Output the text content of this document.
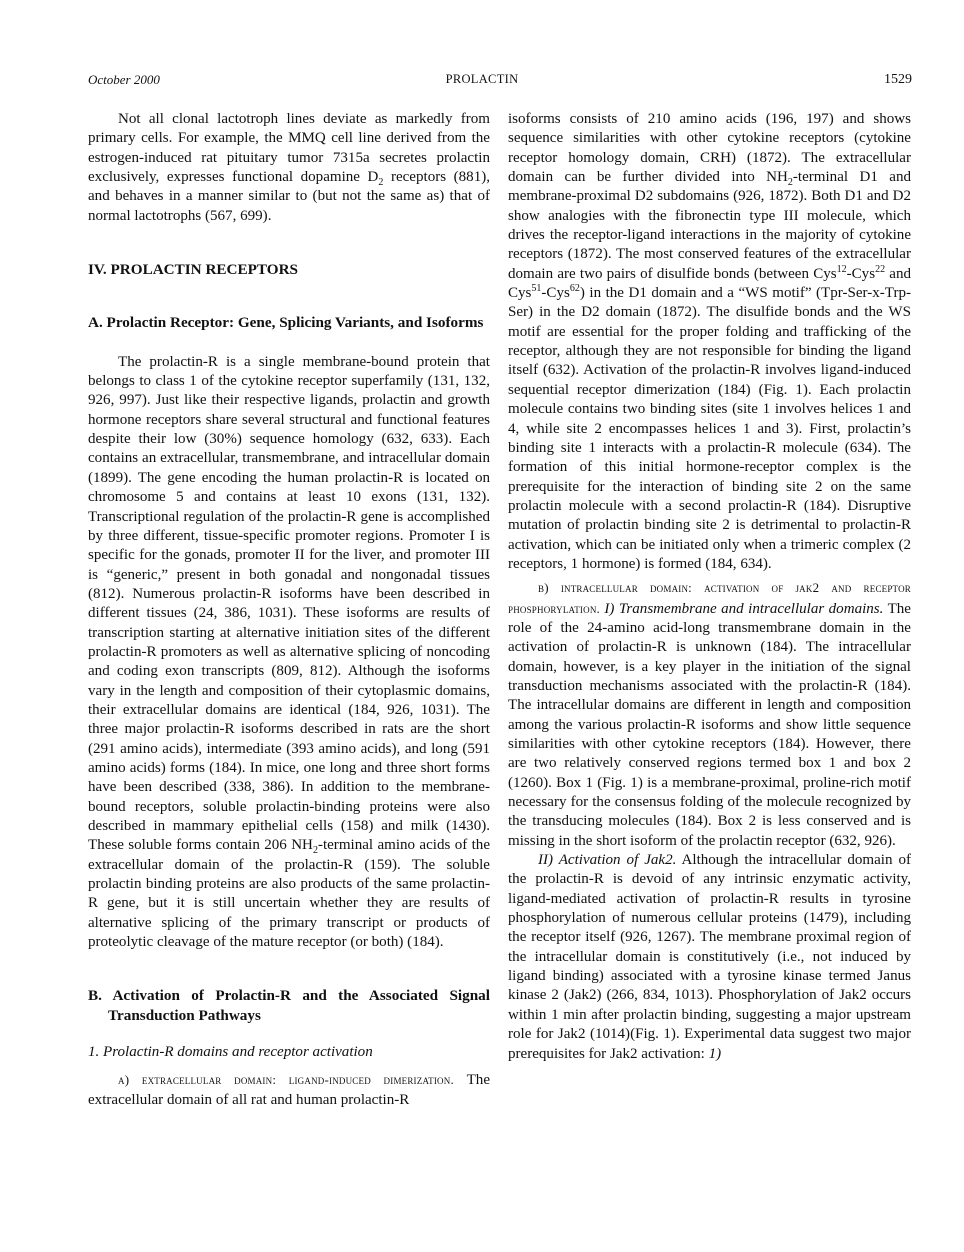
October 2000	PROLACTIN	1529

Not all clonal lactotroph lines deviate as markedly from primary cells. For example, the MMQ cell line derived from the estrogen-induced rat pituitary tumor 7315a secretes prolactin exclusively, expresses functional dopamine $D_2$ receptors (881), and behaves in a manner similar to (but not the same as) that of normal lactotrophs (567, 699).

IV. PROLACTIN RECEPTORS

A. Prolactin Receptor: Gene, Splicing Variants, and Isoforms

The prolactin-R is a single membrane-bound protein that belongs to class 1 of the cytokine receptor superfamily (131, 132, 926, 997). Just like their respective ligands, prolactin and growth hormone receptors share several structural and functional features despite their low (30%) sequence homology (632, 633). Each contains an extracellular, transmembrane, and intracellular domain (1899). The gene encoding the human prolactin-R is located on chromosome 5 and contains at least 10 exons (131, 132). Transcriptional regulation of the prolactin-R gene is accomplished by three different, tissue-specific promoter regions. Promoter I is specific for the gonads, promoter II for the liver, and promoter III is “generic,” present in both gonadal and nongonadal tissues (812). Numerous prolactin-R isoforms have been described in different tissues (24, 386, 1031). These isoforms are results of transcription starting at alternative initiation sites of the different prolactin-R promoters as well as alternative splicing of noncoding and coding exon transcripts (809, 812). Although the isoforms vary in the length and composition of their cytoplasmic domains, their extracellular domains are identical (184, 926, 1031). The three major prolactin-R isoforms described in rats are the short (291 amino acids), intermediate (393 amino acids), and long (591 amino acids) forms (184). In mice, one long and three short forms have been described (338, 386). In addition to the membrane-bound receptors, soluble prolactin-binding proteins were also described in mammary epithelial cells (158) and milk (1430). These soluble forms contain 206 $NH_2$-terminal amino acids of the extracellular domain of the prolactin-R (159). The soluble prolactin binding proteins are also products of the same prolactin-R gene, but it is still uncertain whether they are results of alternative splicing of the primary transcript or products of proteolytic cleavage of the mature receptor (or both) (184).

B. Activation of Prolactin-R and the Associated Signal Transduction Pathways

1. Prolactin-R domains and receptor activation

a) extracellular domain: ligand-induced dimerization. The extracellular domain of all rat and human prolactin-R

isoforms consists of 210 amino acids (196, 197) and shows sequence similarities with other cytokine receptors (cytokine receptor homology domain, CRH) (1872). The extracellular domain can be further divided into $NH_2$-terminal D1 and membrane-proximal D2 subdomains (926, 1872). Both D1 and D2 show analogies with the fibronectin type III molecule, which drives the receptor-ligand interactions in the majority of cytokine receptors (1872). The most conserved features of the extracellular domain are two pairs of disulfide bonds (between Cys$^{12}$-Cys$^{22}$ and Cys$^{51}$-Cys$^{62}$) in the D1 domain and a “WS motif” (Tpr-Ser-x-Trp-Ser) in the D2 domain (1872). The disulfide bonds and the WS motif are essential for the proper folding and trafficking of the receptor, although they are not responsible for binding the ligand itself (632). Activation of the prolactin-R involves ligand-induced sequential receptor dimerization (184) (Fig. 1). Each prolactin molecule contains two binding sites (site 1 involves helices 1 and 4, while site 2 encompasses helices 1 and 3). First, prolactin’s binding site 1 interacts with a prolactin-R molecule (634). The formation of this initial hormone-receptor complex is the prerequisite for the interaction of binding site 2 on the same prolactin molecule with a second prolactin-R (184). Disruptive mutation of prolactin binding site 2 is detrimental to prolactin-R activation, which can be initiated only when a trimeric complex (2 receptors, 1 hormone) is formed (184, 634).

b) intracellular domain: activation of jak2 and receptor phosphorylation. I) Transmembrane and intracellular domains. The role of the 24-amino acid-long transmembrane domain in the activation of prolactin-R is unknown (184). The intracellular domain, however, is a key player in the initiation of the signal transduction mechanisms associated with the prolactin-R (184). The intracellular domains are different in length and composition among the various prolactin-R isoforms and show little sequence similarities with other cytokine receptors (184). However, there are two relatively conserved regions termed box 1 and box 2 (1260). Box 1 (Fig. 1) is a membrane-proximal, proline-rich motif necessary for the consensus folding of the molecule recognized by the transducing molecules (184). Box 2 is less conserved and is missing in the short isoform of the prolactin receptor (632, 926).

II) Activation of Jak2. Although the intracellular domain of the prolactin-R is devoid of any intrinsic enzymatic activity, ligand-mediated activation of prolactin-R results in tyrosine phosphorylation of numerous cellular proteins (1479), including the receptor itself (926, 1267). The membrane proximal region of the intracellular domain is constitutively (i.e., not induced by ligand binding) associated with a tyrosine kinase termed Janus kinase 2 (Jak2) (266, 834, 1013). Phosphorylation of Jak2 occurs within 1 min after prolactin binding, suggesting a major upstream role for Jak2 (1014)(Fig. 1). Experimental data suggest two major prerequisites for Jak2 activation: 1)
